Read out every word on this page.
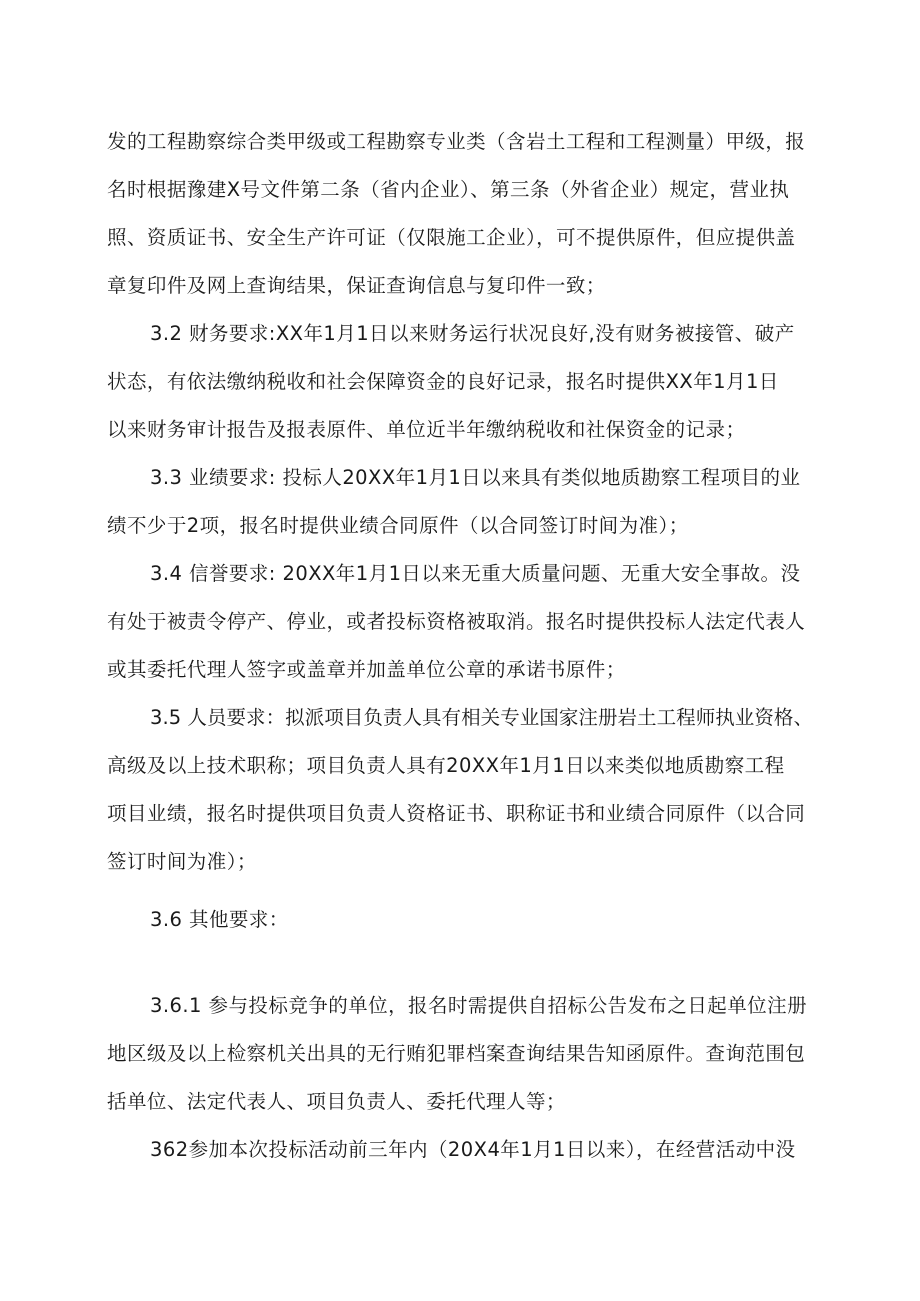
发的工程勘察综合类甲级或工程勘察专业类（含岩土工程和工程测量）甲级，报
名时根据豫建X号文件第二条（省内企业）、第三条（外省企业）规定，营业执
照、资质证书、安全生产许可证（仅限施工企业），可不提供原件，但应提供盖
章复印件及网上查询结果，保证查询信息与复印件一致；
3.2 财务要求:XX年1月1日以来财务运行状况良好,没有财务被接管、破产
状态，有依法缴纳税收和社会保障资金的良好记录，报名时提供XX年1月1日
以来财务审计报告及报表原件、单位近半年缴纳税收和社保资金的记录；
3.3 业绩要求: 投标人20XX年1月1日以来具有类似地质勘察工程项目的业
绩不少于2项，报名时提供业绩合同原件（以合同签订时间为准）；
3.4 信誉要求: 20XX年1月1日以来无重大质量问题、无重大安全事故。没
有处于被责令停产、停业，或者投标资格被取消。报名时提供投标人法定代表人
或其委托代理人签字或盖章并加盖单位公章的承诺书原件；
3.5 人员要求：拟派项目负责人具有相关专业国家注册岩土工程师执业资格、
高级及以上技术职称；项目负责人具有20XX年1月1日以来类似地质勘察工程
项目业绩，报名时提供项目负责人资格证书、职称证书和业绩合同原件（以合同
签订时间为准）；
3.6 其他要求：
3.6.1 参与投标竞争的单位，报名时需提供自招标公告发布之日起单位注册
地区级及以上检察机关出具的无行贿犯罪档案查询结果告知函原件。查询范围包
括单位、法定代表人、项目负责人、委托代理人等；
362参加本次投标活动前三年内（20X4年1月1日以来），在经营活动中没
